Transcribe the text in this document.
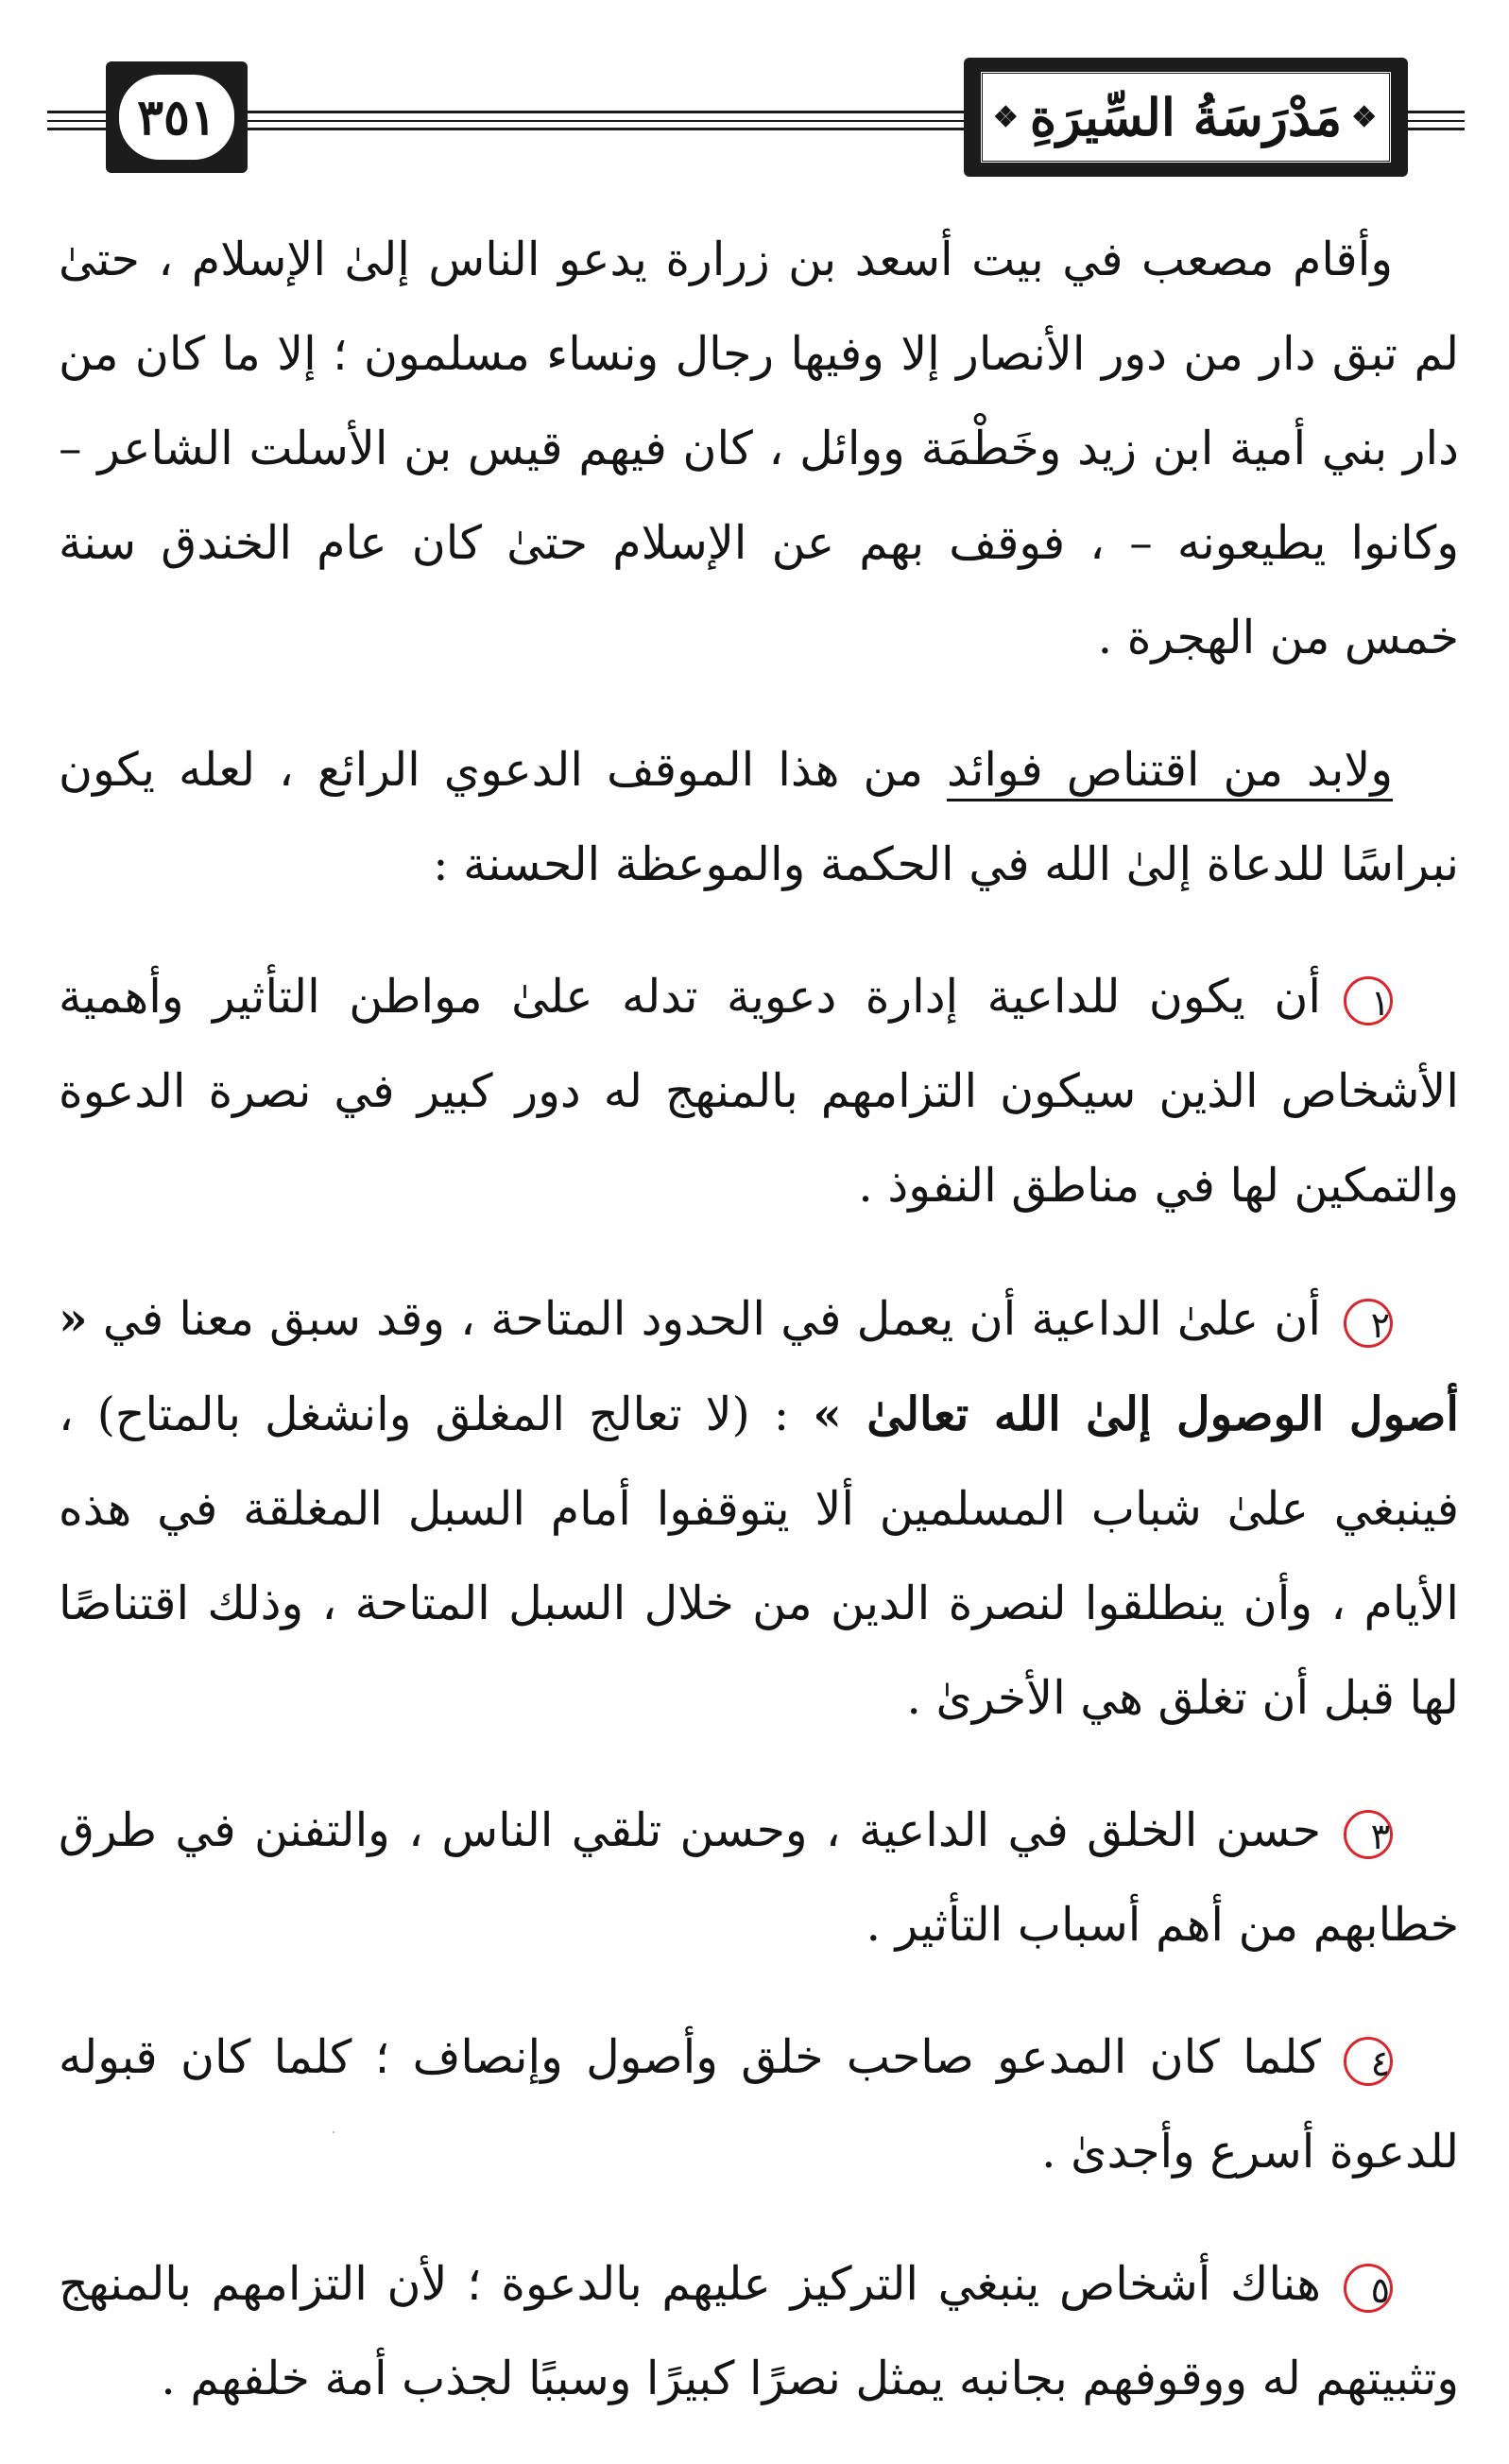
٣٥١	❖
مَدْرَسَةُ السِّيرَةِ
❖

وأقام مصعب في بيت أسعد بن زرارة يدعو الناس إلىٰ الإسلام ، حتىٰ لم تبق دار من دور الأنصار إلا وفيها رجال ونساء مسلمون ؛ إلا ما كان من دار بني أمية ابن زيد وخَطْمَة ووائل ، كان فيهم قيس بن الأسلت الشاعر – وكانوا يطيعونه – ، فوقف بهم عن الإسلام حتىٰ كان عام الخندق سنة خمس من الهجرة .

ولابد من اقتناص فوائد من هذا الموقف الدعوي الرائع ، لعله يكون نبراسًا للدعاة إلىٰ الله في الحكمة والموعظة الحسنة :

١أن يكون للداعية إدارة دعوية تدله علىٰ مواطن التأثير وأهمية الأشخاص الذين سيكون التزامهم بالمنهج له دور كبير في نصرة الدعوة والتمكين لها في مناطق النفوذ .

٢أن علىٰ الداعية أن يعمل في الحدود المتاحة ، وقد سبق معنا في « أصول الوصول إلىٰ الله تعالىٰ » : (لا تعالج المغلق وانشغل بالمتاح) ، فينبغي علىٰ شباب المسلمين ألا يتوقفوا أمام السبل المغلقة في هذه الأيام ، وأن ينطلقوا لنصرة الدين من خلال السبل المتاحة ، وذلك اقتناصًا لها قبل أن تغلق هي الأخرىٰ .

٣حسن الخلق في الداعية ، وحسن تلقي الناس ، والتفنن في طرق خطابهم من أهم أسباب التأثير .

٤كلما كان المدعو صاحب خلق وأصول وإنصاف ؛ كلما كان قبوله للدعوة أسرع وأجدىٰ .

٥هناك أشخاص ينبغي التركيز عليهم بالدعوة ؛ لأن التزامهم بالمنهج وتثبيتهم له ووقوفهم بجانبه يمثل نصرًا كبيرًا وسببًا لجذب أمة خلفهم .
